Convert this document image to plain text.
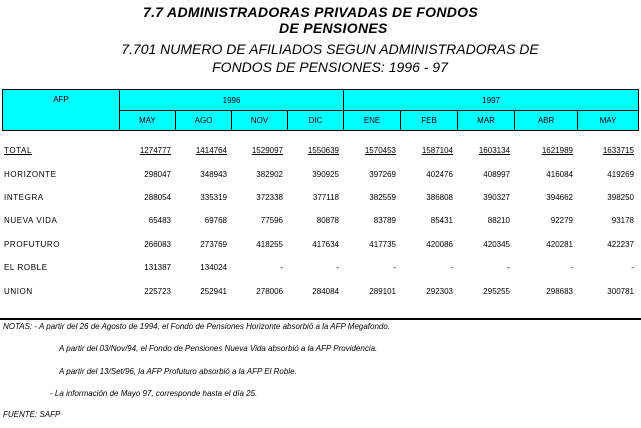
7.7 ADMINISTRADORAS PRIVADAS DE FONDOS
DE PENSIONES
7.701 NUMERO DE AFILIADOS SEGUN ADMINISTRADORAS DE
FONDOS DE PENSIONES: 1996 - 97
AFP	1996				1997				
	MAY	AGO	NOV	DIC	ENE	FEB	MAR	ABR	MAY
TOTAL	1274777	1414764	1529097	1550639	1570453	1587104	1603134	1621989	1633715
HORIZONTE	298047	348943	382902	390925	397269	402476	408997	416084	419269
INTEGRA	288054	335319	372338	377118	382559	386808	390327	394662	398250
NUEVA VIDA	65483	69768	77596	80878	83789	85431	88210	92279	93178
PROFUTURO	266083	273769	418255	417634	417735	420086	420345	420281	422237
EL ROBLE	131387	134024	-	-	-	-	-	-	-
UNION	225723	252941	278006	284084	289101	292303	295255	298683	300781
NOTAS: - A partir del 26 de Agosto de 1994, el Fondo de Pensiones Horizonte absorbió a la AFP Megafondo.
A partir del 03/Nov/94, el Fondo de Pensiones Nueva Vida absorbió a la AFP Providencia.
A partir del 13/Set/96, la AFP Profuturo absorbió a la AFP El Roble.
- La información de Mayo 97, corresponde hasta el día 25.
FUENTE: SAFP
